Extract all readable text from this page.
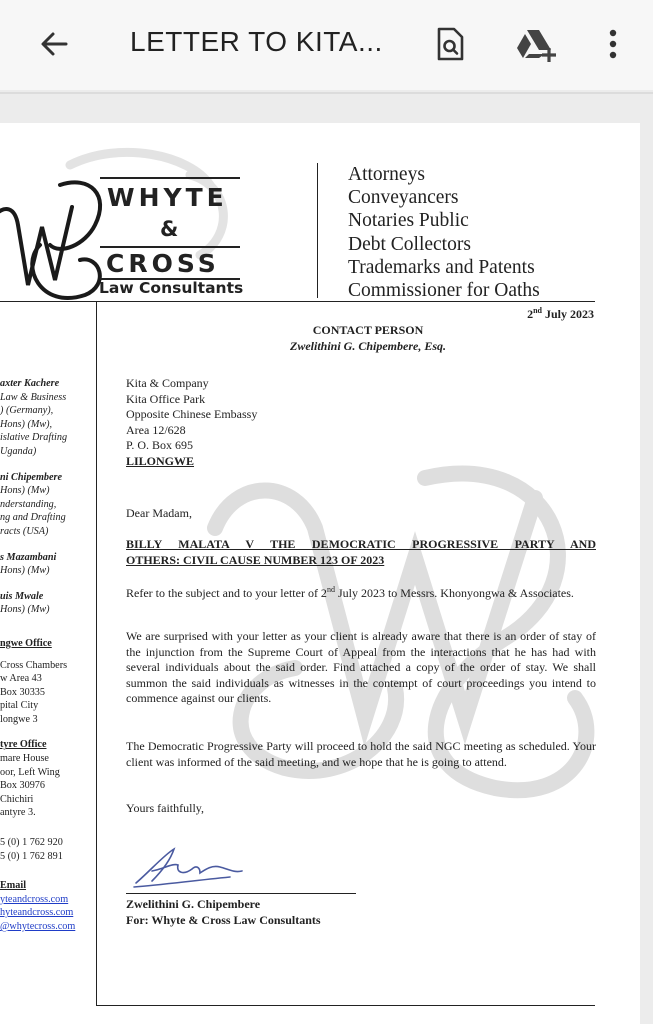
LETTER TO KITA...
WHYTE
&
CROSS
Law Consultants
Attorneys
Conveyancers
Notaries Public
Debt Collectors
Trademarks and Patents
Commissioner for Oaths
2nd July 2023
CONTACT PERSON
Zwelithini G. Chipembere, Esq.
axter Kachere
Law & Business
) (Germany),
Hons) (Mw),
islative Drafting
Uganda)
ni Chipembere
Hons) (Mw)
nderstanding,
ng and Drafting
racts (USA)
s Mazambani
Hons) (Mw)
uis Mwale
Hons) (Mw)
ngwe Office
Cross Chambers
w Area 43
Box 30335
pital City
longwe 3
tyre Office
mare House
oor, Left Wing
Box 30976
Chichiri
antyre 3.
5 (0) 1 762 920
5 (0) 1 762 891
Email
yteandcross.com
hyteandcross.com
@whytecross.com
Kita & Company
Kita Office Park
Opposite Chinese Embassy
Area 12/628
P. O. Box 695
LILONGWE
Dear Madam,
BILLY MALATA V THE DEMOCRATIC PROGRESSIVE PARTY AND
OTHERS: CIVIL CAUSE NUMBER 123 OF 2023
Refer to the subject and to your letter of 2nd July 2023 to Messrs. Khonyongwa & Associates.
We are surprised with your letter as your client is already aware that there is an order of stay of the injunction from the Supreme Court of Appeal from the interactions that he has had with several individuals about the said order. Find attached a copy of the order of stay. We shall summon the said individuals as witnesses in the contempt of court proceedings you intend to commence against our clients.
The Democratic Progressive Party will proceed to hold the said NGC meeting as scheduled. Your client was informed of the said meeting, and we hope that he is going to attend.
Yours faithfully,
Zwelithini G. Chipembere
For: Whyte & Cross Law Consultants
